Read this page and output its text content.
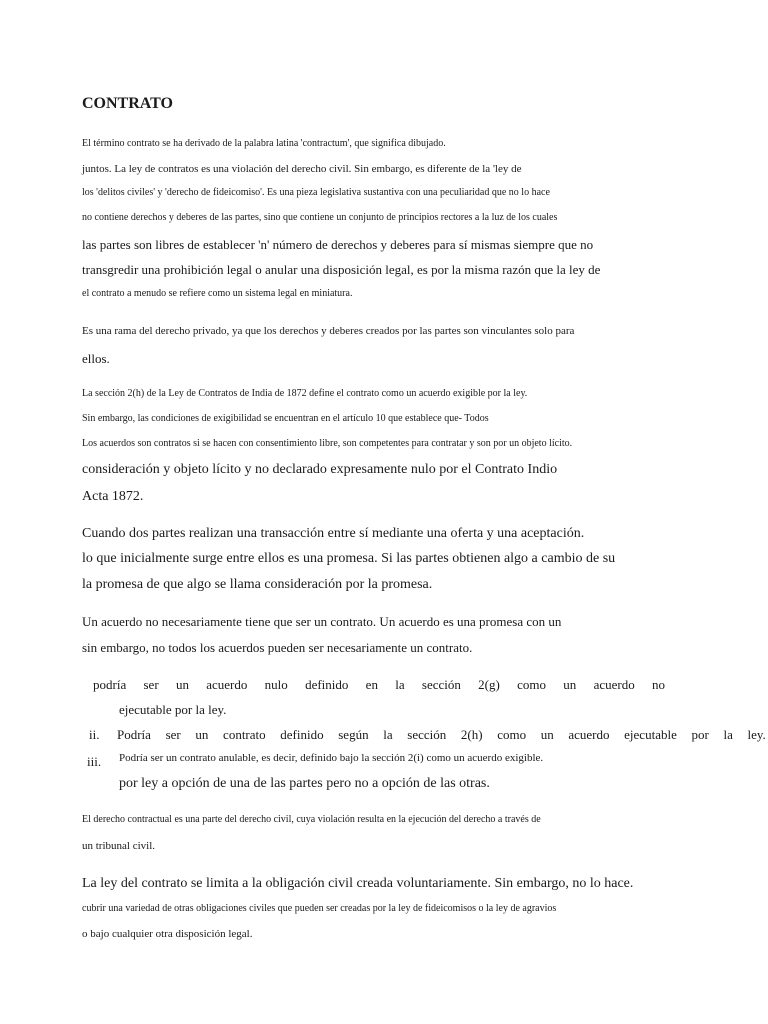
CONTRATO
El término contrato se ha derivado de la palabra latina 'contractum', que significa dibujado.
juntos. La ley de contratos es una violación del derecho civil. Sin embargo, es diferente de la 'ley de
los 'delitos civiles' y 'derecho de fideicomiso'. Es una pieza legislativa sustantiva con una peculiaridad que no lo hace
no contiene derechos y deberes de las partes, sino que contiene un conjunto de principios rectores a la luz de los cuales
las partes son libres de establecer 'n' número de derechos y deberes para sí mismas siempre que no
transgredir una prohibición legal o anular una disposición legal, es por la misma razón que la ley de
el contrato a menudo se refiere como un sistema legal en miniatura.
Es una rama del derecho privado, ya que los derechos y deberes creados por las partes son vinculantes solo para
ellos.
La sección 2(h) de la Ley de Contratos de India de 1872 define el contrato como un acuerdo exigible por la ley.
Sin embargo, las condiciones de exigibilidad se encuentran en el artículo 10 que establece que- Todos
Los acuerdos son contratos si se hacen con consentimiento libre, son competentes para contratar y son por un objeto lícito.
consideración y objeto lícito y no declarado expresamente nulo por el Contrato Indio
Acta 1872.
Cuando dos partes realizan una transacción entre sí mediante una oferta y una aceptación.
lo que inicialmente surge entre ellos es una promesa. Si las partes obtienen algo a cambio de su
la promesa de que algo se llama consideración por la promesa.
Un acuerdo no necesariamente tiene que ser un contrato. Un acuerdo es una promesa con un
sin embargo, no todos los acuerdos pueden ser necesariamente un contrato.
podría ser un acuerdo nulo definido en la sección 2(g) como un acuerdo no
ejecutable por la ley.
ii. Podría ser un contrato definido según la sección 2(h) como un acuerdo ejecutable por la ley.
iii. Podría ser un contrato anulable, es decir, definido bajo la sección 2(i) como un acuerdo exigible.
por ley a opción de una de las partes pero no a opción de las otras.
El derecho contractual es una parte del derecho civil, cuya violación resulta en la ejecución del derecho a través de
un tribunal civil.
La ley del contrato se limita a la obligación civil creada voluntariamente. Sin embargo, no lo hace.
cubrir una variedad de otras obligaciones civiles que pueden ser creadas por la ley de fideicomisos o la ley de agravios
o bajo cualquier otra disposición legal.
